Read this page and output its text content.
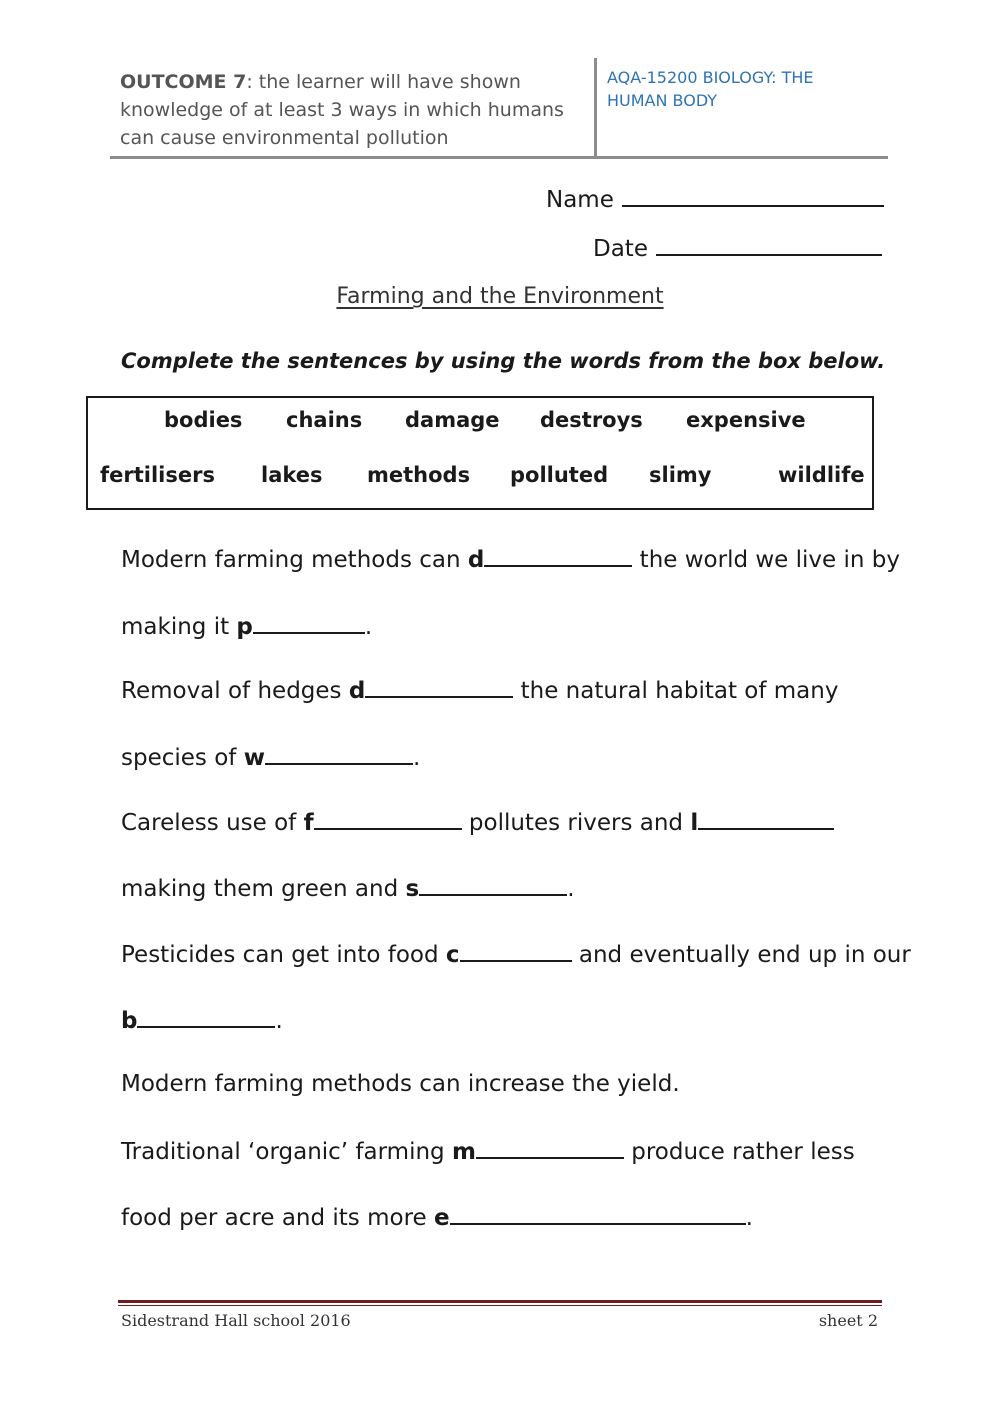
OUTCOME 7: the learner will have shown knowledge of at least 3 ways in which humans can cause environmental pollution
AQA-15200 BIOLOGY: THE HUMAN BODY
Name
Date
Farming and the Environment
Complete the sentences by using the words from the box below.
bodies chains damage destroys expensive
fertilisers lakes methods polluted slimy	wildlife
Modern farming methods can d	the world we live in by
making it p	.
Removal of hedges d	the natural habitat of many
species of w	.
Careless use of f	pollutes rivers and l
making them green and s	.
Pesticides can get into food c	and eventually end up in our
b	.
Modern farming methods can increase the yield.
Traditional ‘organic’ farming m	produce rather less
food per acre and its more e	.
Sidestrand Hall school 2016	sheet 2
